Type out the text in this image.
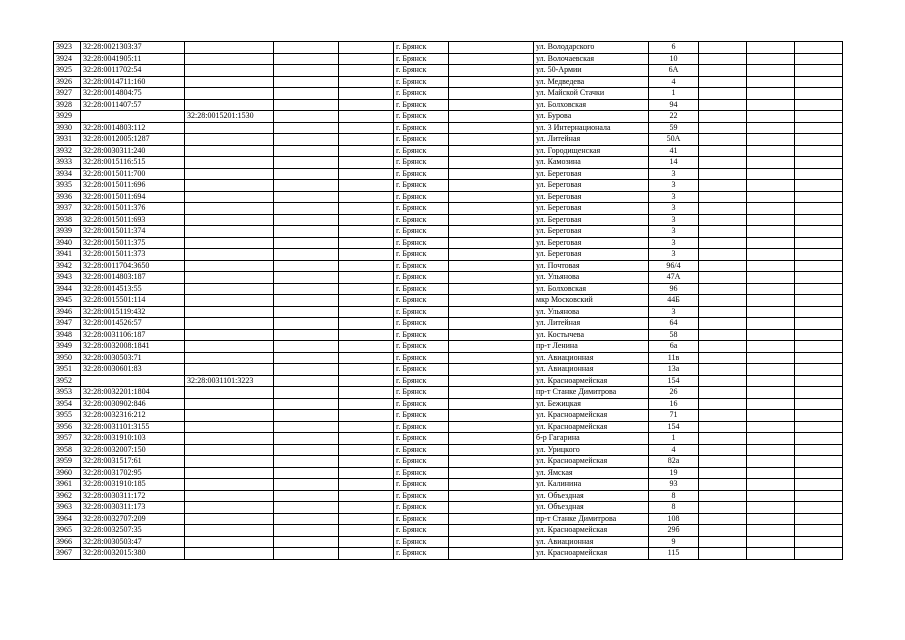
3923	32:28:0021303:37				г. Брянск		ул. Володарского	6			
3924	32:28:0041905:11				г. Брянск		ул. Волочаевская	10			
3925	32:28:0011702:54				г. Брянск		ул. 50-Армии	6А			
3926	32:28:0014711:160				г. Брянск		ул. Медведева	4			
3927	32:28:0014804:75				г. Брянск		ул. Майской Стачки	1			
3928	32:28:0011407:57				г. Брянск		ул. Болховская	94			
3929		32:28:0015201:1530			г. Брянск		ул. Бурова	22			
3930	32:28:0014803:112				г. Брянск		ул. 3 Интернационала	59			
3931	32:28:0012005:1287				г. Брянск		ул. Литейная	50А			
3932	32:28:0030311:240				г. Брянск		ул. Городищенская	41			
3933	32:28:0015116:515				г. Брянск		ул. Камозина	14			
3934	32:28:0015011:700				г. Брянск		ул. Береговая	3			
3935	32:28:0015011:696				г. Брянск		ул. Береговая	3			
3936	32:28:0015011:694				г. Брянск		ул. Береговая	3			
3937	32:28:0015011:376				г. Брянск		ул. Береговая	3			
3938	32:28:0015011:693				г. Брянск		ул. Береговая	3			
3939	32:28:0015011:374				г. Брянск		ул. Береговая	3			
3940	32:28:0015011:375				г. Брянск		ул. Береговая	3			
3941	32:28:0015011:373				г. Брянск		ул. Береговая	3			
3942	32:28:0011704:3650				г. Брянск		ул. Почтовая	96/4			
3943	32:28:0014803:187				г. Брянск		ул. Ульянова	47А			
3944	32:28:0014513:55				г. Брянск		ул. Болховская	96			
3945	32:28:0015501:114				г. Брянск		мкр Московский	44Б			
3946	32:28:0015119:432				г. Брянск		ул. Ульянова	3			
3947	32:28:0014526:57				г. Брянск		ул. Литейная	64			
3948	32:28:0031106:187				г. Брянск		ул. Костычева	58			
3949	32:28:0032008:1841				г. Брянск		пр-т Ленина	6а			
3950	32:28:0030503:71				г. Брянск		ул. Авиационная	11в			
3951	32:28:0030601:83				г. Брянск		ул. Авиационная	13а			
3952		32:28:0031101:3223			г. Брянск		ул. Красноармейская	154			
3953	32:28:0032201:1804				г. Брянск		пр-т Станке Димитрова	26			
3954	32:28:0030902:846				г. Брянск		ул. Бежицкая	16			
3955	32:28:0032316:212				г. Брянск		ул. Красноармейская	71			
3956	32:28:0031101:3155				г. Брянск		ул. Красноармейская	154			
3957	32:28:0031910:103				г. Брянск		б-р Гагарина	1			
3958	32:28:0032007:150				г. Брянск		ул. Урицкого	4			
3959	32:28:0031517:61				г. Брянск		ул. Красноармейская	82а			
3960	32:28:0031702:95				г. Брянск		ул. Ямская	19			
3961	32:28:0031910:185				г. Брянск		ул. Калинина	93			
3962	32:28:0030311:172				г. Брянск		ул. Объездная	8			
3963	32:28:0030311:173				г. Брянск		ул. Объездная	8			
3964	32:28:0032707:209				г. Брянск		пр-т Станке Димитрова	108			
3965	32:28:0032507:35				г. Брянск		ул. Красноармейская	29б			
3966	32:28:0030503:47				г. Брянск		ул. Авиационная	9			
3967	32:28:0032015:380				г. Брянск		ул. Красноармейская	115			
